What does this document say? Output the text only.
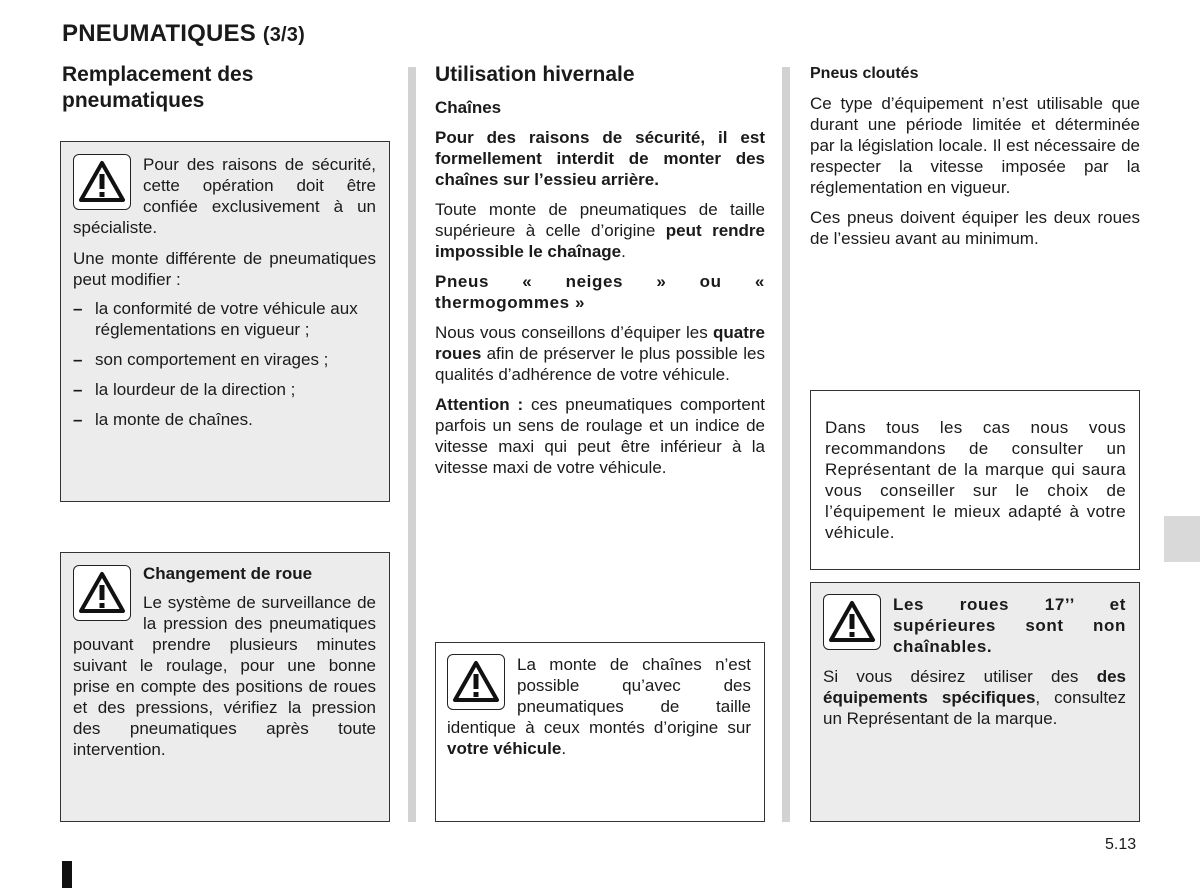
PNEUMATIQUES (3/3)
Remplacement des
pneumatiques

Pour des raisons de sécurité, cette opération doit être confiée exclusivement à un spécialiste.

Une monte différente de pneumatiques peut modifier :

– la conformité de votre véhicule aux réglementations en vigueur ;
– son comportement en virages ;
– la lourdeur de la direction ;
– la monte de chaînes.

Changement de roue

Le système de surveillance de la pression des pneumatiques pouvant prendre plusieurs minutes suivant le roulage, pour une bonne prise en compte des positions de roues et des pressions, vérifiez la pression des pneumatiques après toute intervention.

Utilisation hivernale

Chaînes

Pour des raisons de sécurité, il est formellement interdit de monter des chaînes sur l’essieu arrière.

Toute monte de pneumatiques de taille supérieure à celle d’origine peut rendre impossible le chaînage.

Pneus « neiges » ou « thermogommes »

Nous vous conseillons d’équiper les quatre roues afin de préserver le plus possible les qualités d’adhérence de votre véhicule.

Attention : ces pneumatiques comportent parfois un sens de roulage et un indice de vitesse maxi qui peut être inférieur à la vitesse maxi de votre véhicule.

La monte de chaînes n’est possible qu’avec des pneumatiques de taille identique à ceux montés d’origine sur votre véhicule.

Pneus cloutés

Ce type d’équipement n’est utilisable que durant une période limitée et déterminée par la législation locale. Il est nécessaire de respecter la vitesse imposée par la réglementation en vigueur.

Ces pneus doivent équiper les deux roues de l’essieu avant au minimum.

Dans tous les cas nous vous recommandons de consulter un Représentant de la marque qui saura vous conseiller sur le choix de l’équipement le mieux adapté à votre véhicule.

Les roues 17’’ et supérieures sont non chaînables.

Si vous désirez utiliser des des équipements spécifiques, consultez un Représentant de la marque.

5.13
